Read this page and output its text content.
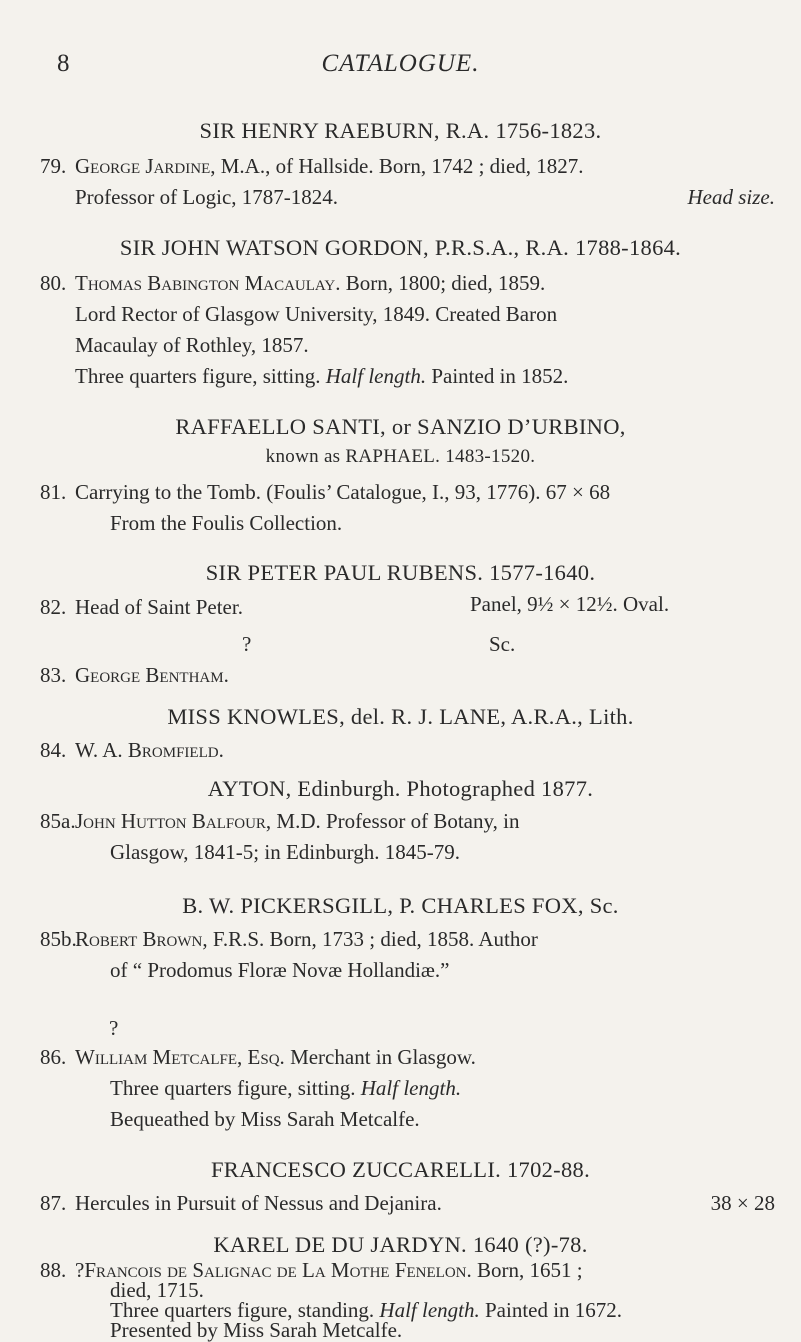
8	CATALOGUE.
SIR HENRY RAEBURN, R.A. 1756-1823.
79. George Jardine, M.A., of Hallside. Born, 1742 ; died, 1827.
Professor of Logic, 1787-1824.	Head size.
SIR JOHN WATSON GORDON, P.R.S.A., R.A. 1788-1864.
80. Thomas Babington Macaulay. Born, 1800; died, 1859.
Lord Rector of Glasgow University, 1849. Created Baron
Macaulay of Rothley, 1857.
Three quarters figure, sitting. Half length. Painted in 1852.
RAFFAELLO SANTI, or SANZIO D’URBINO,
known as RAPHAEL. 1483-1520.
81. Carrying to the Tomb. (Foulis’ Catalogue, I., 93, 1776). 67 × 68
From the Foulis Collection.
SIR PETER PAUL RUBENS. 1577-1640.
82. Head of Saint Peter.	Panel, 9½ × 12½. Oval.
?	Sc.
83. George Bentham.
MISS KNOWLES, del. R. J. LANE, A.R.A., Lith.
84. W. A. Bromfield.
AYTON, Edinburgh. Photographed 1877.
85a.John Hutton Balfour, M.D. Professor of Botany, in
Glasgow, 1841-5; in Edinburgh. 1845-79.
B. W. PICKERSGILL, P. CHARLES FOX, Sc.
85b.Robert Brown, F.R.S. Born, 1733 ; died, 1858. Author
of “ Prodomus Floræ Novæ Hollandiæ.”
?
86. William Metcalfe, Esq. Merchant in Glasgow.
Three quarters figure, sitting. Half length.
Bequeathed by Miss Sarah Metcalfe.
FRANCESCO ZUCCARELLI. 1702-88.
87. Hercules in Pursuit of Nessus and Dejanira.	38 × 28
KAREL DE DU JARDYN. 1640 (?)-78.
88. ?Francois de Salignac de La Mothe Fenelon. Born, 1651 ;
died, 1715.
Three quarters figure, standing. Half length. Painted in 1672.
Presented by Miss Sarah Metcalfe.
